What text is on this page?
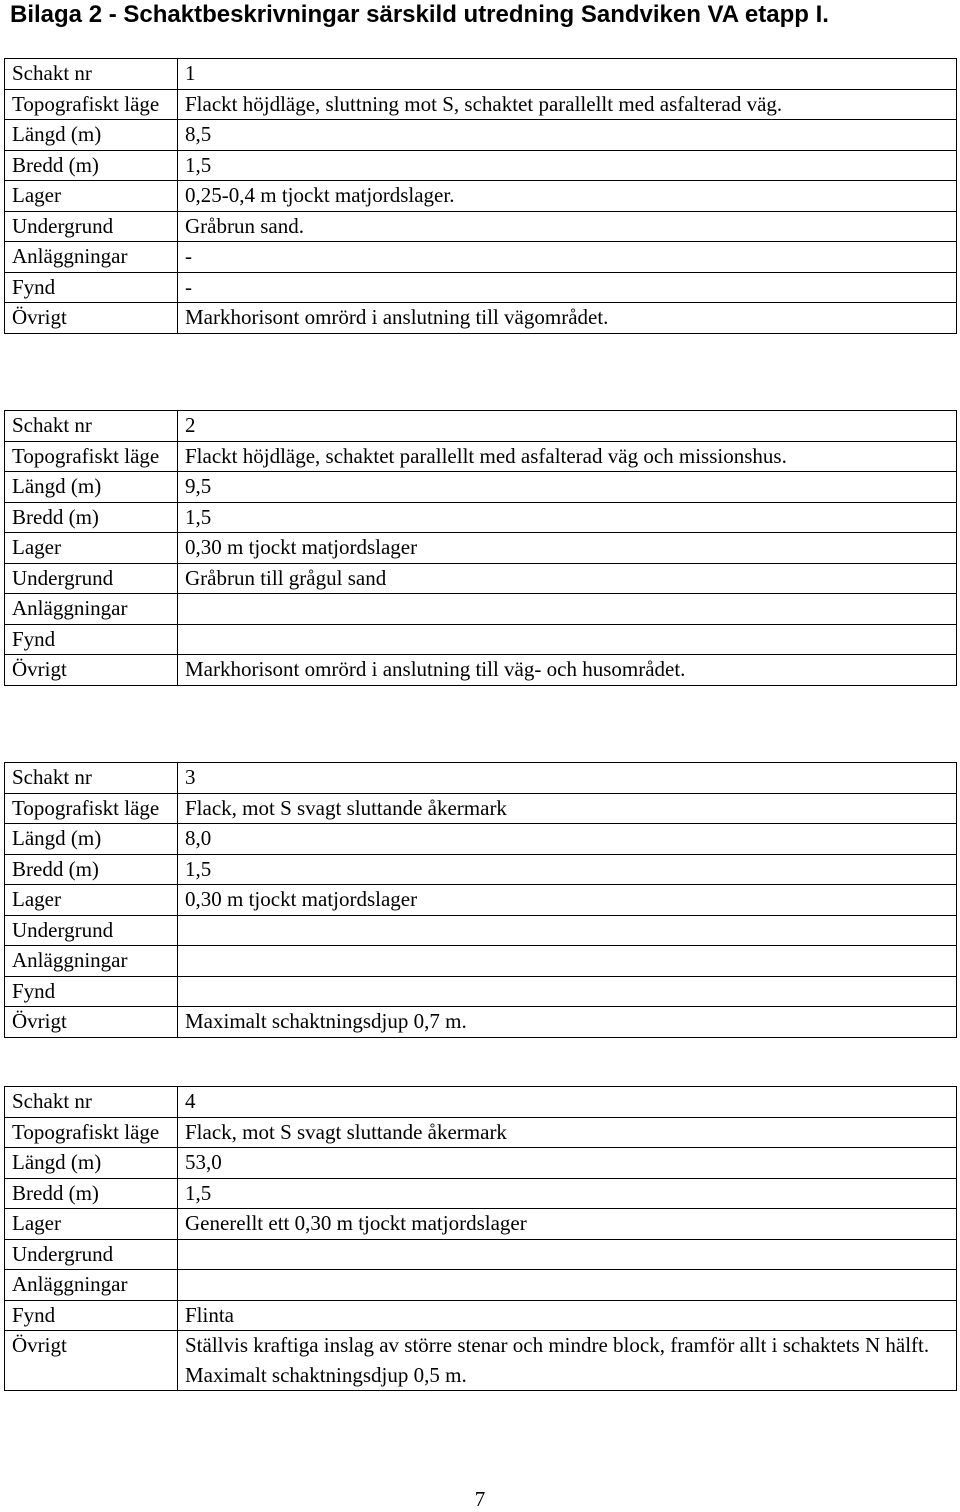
Bilaga 2 - Schaktbeskrivningar särskild utredning Sandviken VA etapp I.
Schakt nr	1
Topografiskt läge	Flackt höjdläge, sluttning mot S, schaktet parallellt med asfalterad väg.
Längd (m)	8,5
Bredd (m)	1,5
Lager	0,25-0,4 m tjockt matjordslager.
Undergrund	Gråbrun sand.
Anläggningar	-
Fynd	-
Övrigt	Markhorisont omrörd i anslutning till vägområdet.
Schakt nr	2
Topografiskt läge	Flackt höjdläge, schaktet parallellt med asfalterad väg och missionshus.
Längd (m)	9,5
Bredd (m)	1,5
Lager	0,30 m tjockt matjordslager
Undergrund	Gråbrun till grågul sand
Anläggningar	
Fynd	
Övrigt	Markhorisont omrörd i anslutning till väg- och husområdet.
Schakt nr	3
Topografiskt läge	Flack, mot S svagt sluttande åkermark
Längd (m)	8,0
Bredd (m)	1,5
Lager	0,30 m tjockt matjordslager
Undergrund	
Anläggningar	
Fynd	
Övrigt	Maximalt schaktningsdjup 0,7 m.
Schakt nr	4
Topografiskt läge	Flack, mot S svagt sluttande åkermark
Längd (m)	53,0
Bredd (m)	1,5
Lager	Generellt ett 0,30 m tjockt matjordslager
Undergrund	
Anläggningar	
Fynd	Flinta
Övrigt	Ställvis kraftiga inslag av större stenar och mindre block, framför allt i schaktets N hälft. Maximalt schaktningsdjup 0,5 m.
7
